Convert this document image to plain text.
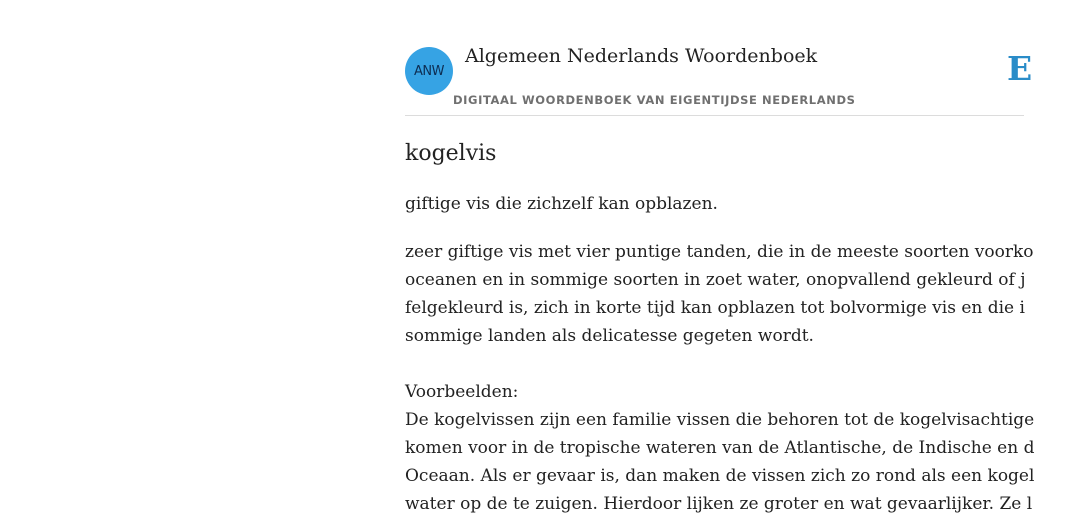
ANW
Algemeen Nederlands Woordenboek
DIGITAAL WOORDENBOEK VAN EIGENTIJDSE NEDERLANDS
E
kogelvis

giftige vis die zichzelf kan opblazen.

zeer giftige vis met vier puntige tanden, die in de meeste soorten voorko
oceanen en in sommige soorten in zoet water, onopvallend gekleurd of j
felgekleurd is, zich in korte tijd kan opblazen tot bolvormige vis en die i
sommige landen als delicatesse gegeten wordt.

Voorbeelden:
De kogelvissen zijn een familie vissen die behoren tot de kogelvisachtige
komen voor in de tropische wateren van de Atlantische, de Indische en d
Oceaan. Als er gevaar is, dan maken de vissen zich zo rond als een kogel
water op de te zuigen. Hierdoor lijken ze groter en wat gevaarlijker. Ze l
